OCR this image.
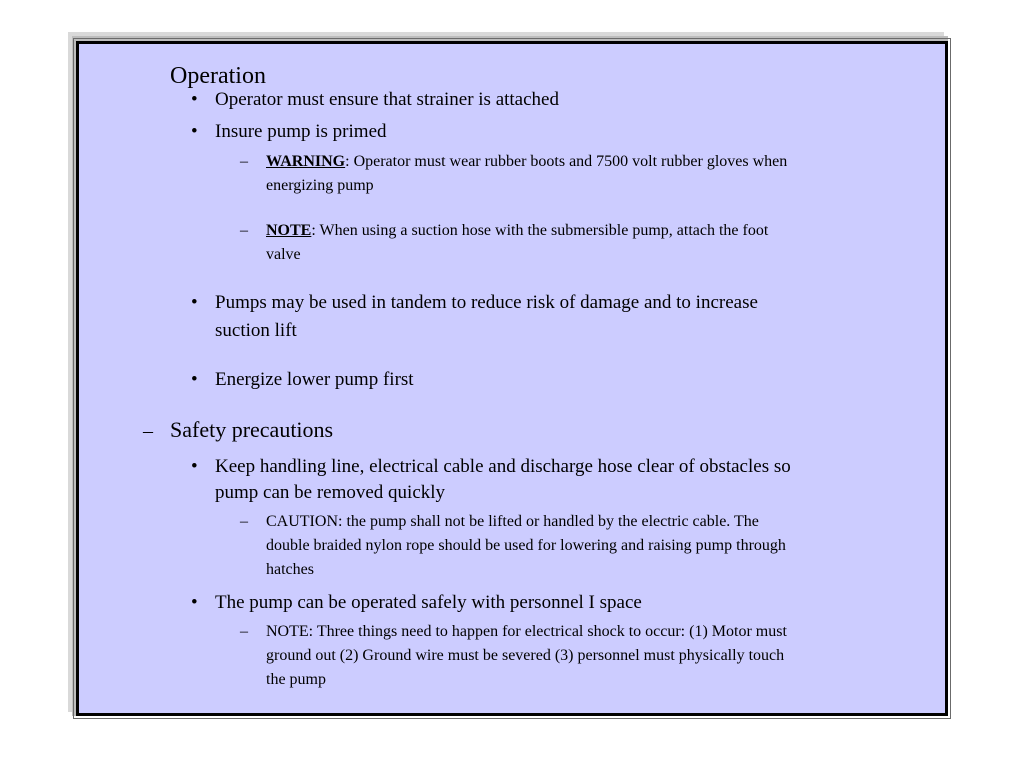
Operation
• Operator must ensure that strainer is attached
• Insure pump is primed
– WARNING: Operator must wear rubber boots and 7500 volt rubber gloves when
energizing pump
– NOTE: When using a suction hose with the submersible pump, attach the foot
valve
• Pumps may be used in tandem to reduce risk of damage and to increase
suction lift
• Energize lower pump first
– Safety precautions
• Keep handling line, electrical cable and discharge hose clear of obstacles so
pump can be removed quickly
– CAUTION: the pump shall not be lifted or handled by the electric cable. The
double braided nylon rope should be used for lowering and raising pump through
hatches
• The pump can be operated safely with personnel I space
– NOTE: Three things need to happen for electrical shock to occur: (1) Motor must
ground out (2) Ground wire must be severed (3) personnel must physically touch
the pump
